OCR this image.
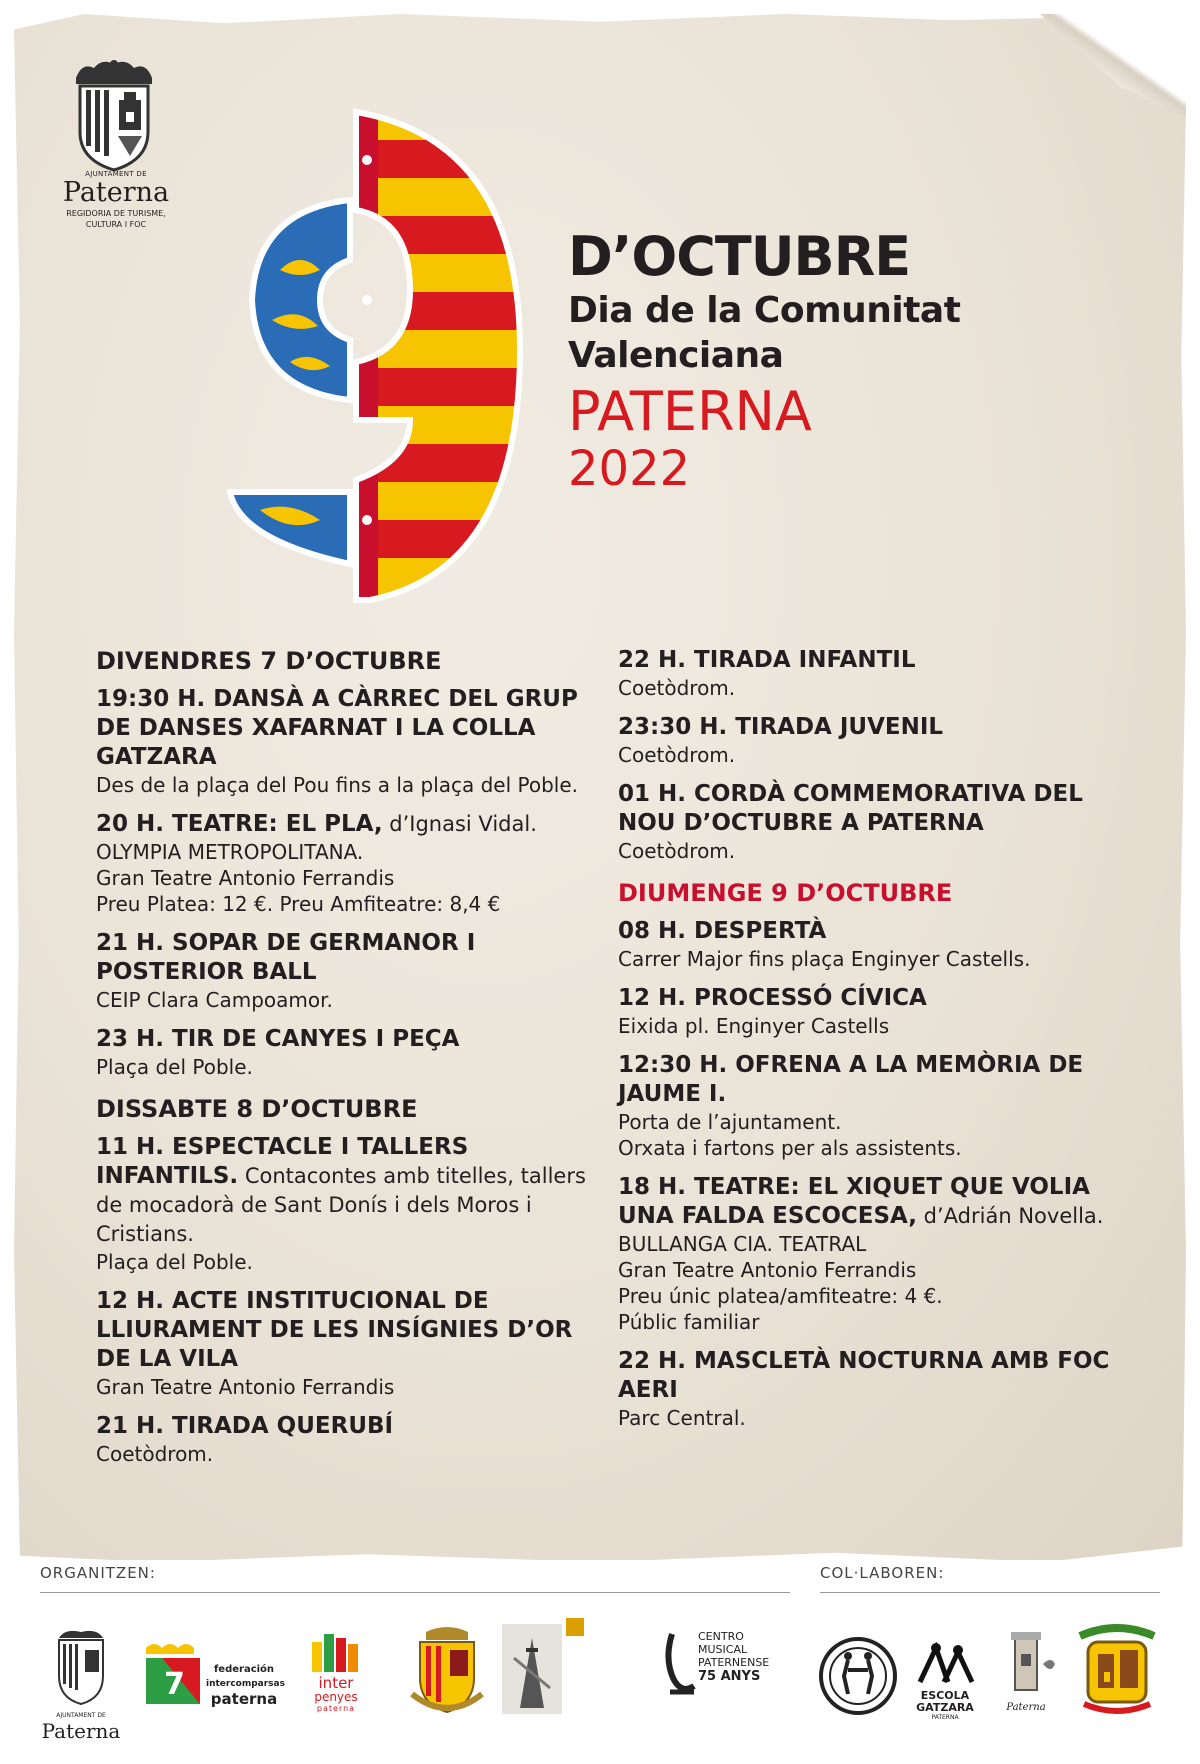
AJUNTAMENT DE
Paterna
REGIDORIA DE TURISME,
CULTURA I FOC
D’OCTUBRE
Dia de la Comunitat
Valenciana
PATERNA
2022
DIVENDRES 7 D’OCTUBRE
19:30 H. DANSÀ A CÀRREC DEL GRUP DE DANSES XAFARNAT I LA COLLA GATZARA
Des de la plaça del Pou fins a la plaça del Poble.
20 H. TEATRE: EL PLA, d’Ignasi Vidal.
OLYMPIA METROPOLITANA.
Gran Teatre Antonio Ferrandis
Preu Platea: 12 €. Preu Amfiteatre: 8,4 €
21 H. SOPAR DE GERMANOR I POSTERIOR BALL
CEIP Clara Campoamor.
23 H. TIR DE CANYES I PEÇA
Plaça del Poble.
DISSABTE 8 D’OCTUBRE
11 H. ESPECTACLE I TALLERS INFANTILS. Contacontes amb titelles, tallers de mocadorà de Sant Donís i dels Moros i Cristians.
Plaça del Poble.
12 H. ACTE INSTITUCIONAL DE LLIURAMENT DE LES INSÍGNIES D’OR DE LA VILA
Gran Teatre Antonio Ferrandis
21 H. TIRADA QUERUBÍ
Coetòdrom.
22 H. TIRADA INFANTIL
Coetòdrom.
23:30 H. TIRADA JUVENIL
Coetòdrom.
01 H. CORDÀ COMMEMORATIVA DEL NOU D’OCTUBRE A PATERNA
Coetòdrom.
DIUMENGE 9 D’OCTUBRE
08 H. DESPERTÀ
Carrer Major fins plaça Enginyer Castells.
12 H. PROCESSÓ CÍVICA
Eixida pl. Enginyer Castells
12:30 H. OFRENA A LA MEMÒRIA DE JAUME I.
Porta de l’ajuntament.
Orxata i fartons per als assistents.
18 H. TEATRE: EL XIQUET QUE VOLIA UNA FALDA ESCOCESA, d’Adrián Novella.
BULLANGA CIA. TEATRAL
Gran Teatre Antonio Ferrandis
Preu únic platea/amfiteatre: 4 €.
Públic familiar
22 H. MASCLETÀ NOCTURNA AMB FOC AERI
Parc Central.
ORGANITZEN:	COL·LABOREN:
AJUNTAMENT DE
Paterna
7	federación
intercomparsas
paterna
inter
penyes
paterna
CENTRO
MUSICAL
PATERNENSE
75 ANYS
ESCOLA
GATZARA
PATERNA
Paterna
